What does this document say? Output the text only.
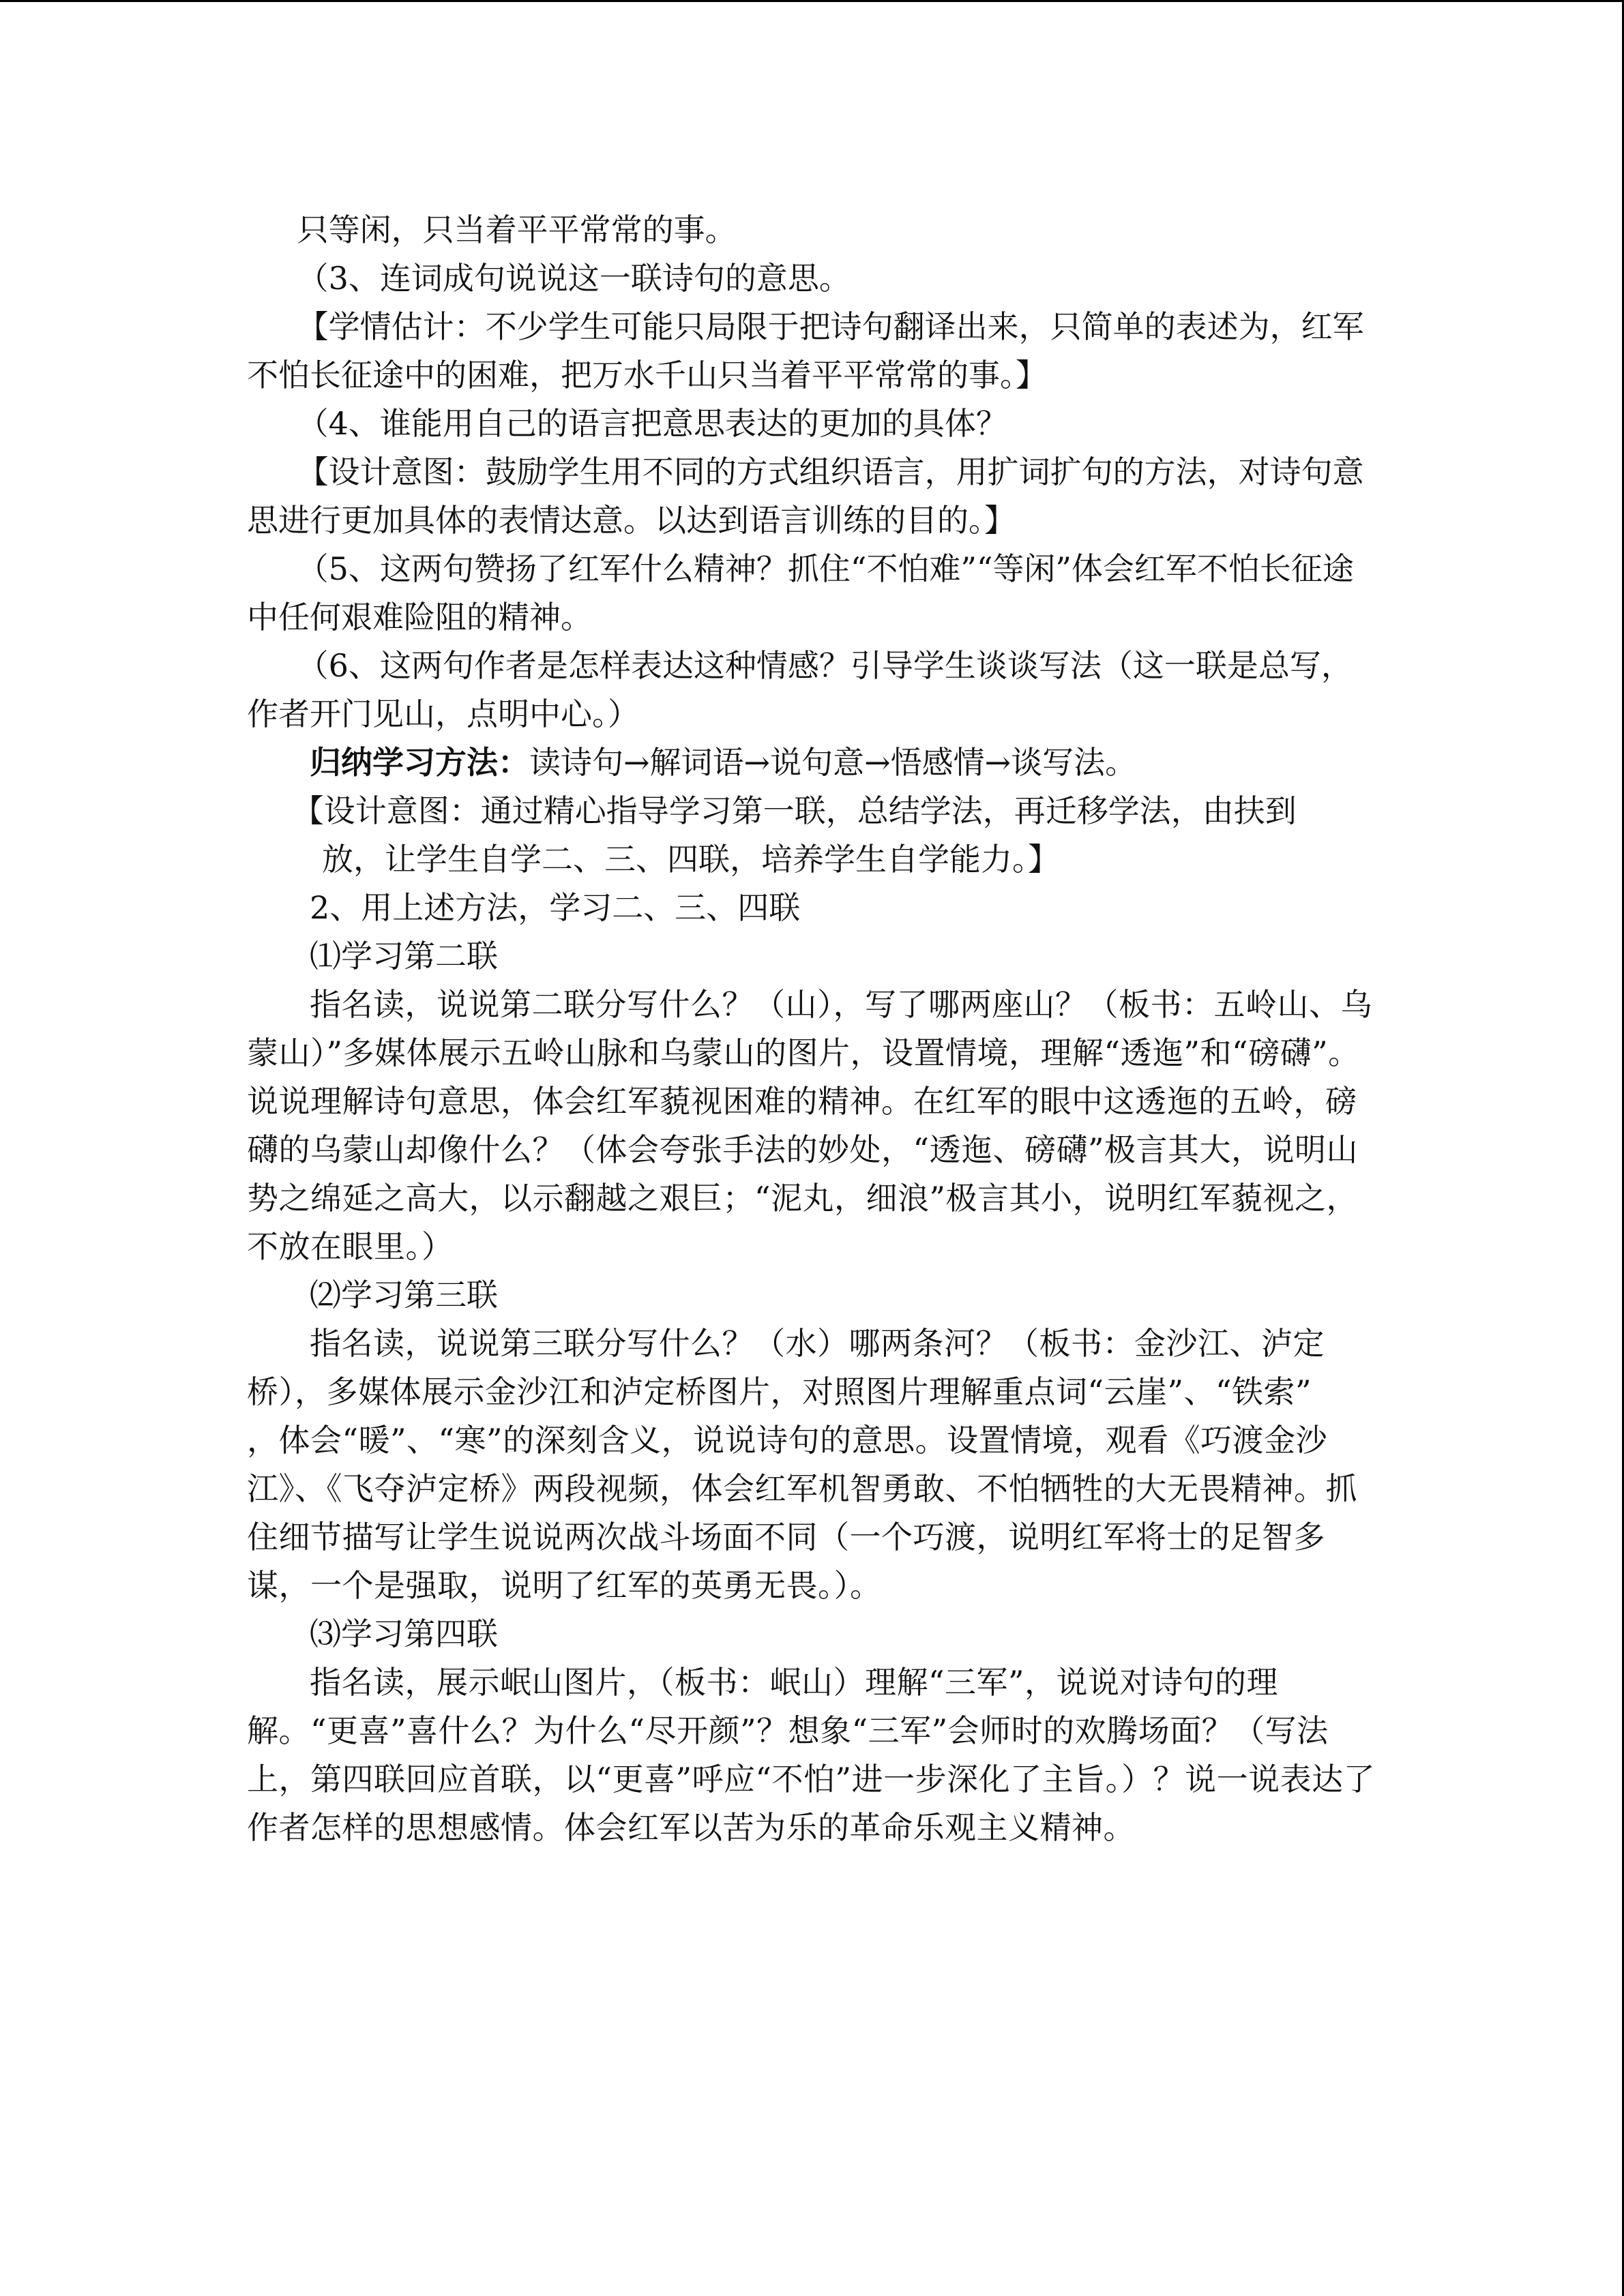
只等闲，只当着平平常常的事。

（3、连词成句说说这一联诗句的意思。

【学情估计：不少学生可能只局限于把诗句翻译出来，只简单的表述为，红军不怕长征途中的困难，把万水千山只当着平平常常的事。】

（4、谁能用自己的语言把意思表达的更加的具体？

【设计意图：鼓励学生用不同的方式组织语言，用扩词扩句的方法，对诗句意思进行更加具体的表情达意。以达到语言训练的目的。】

（5、这两句赞扬了红军什么精神？抓住“不怕难”“等闲”体会红军不怕长征途中任何艰难险阻的精神。

（6、这两句作者是怎样表达这种情感？引导学生谈谈写法（这一联是总写，作者开门见山，点明中心。）

归纳学习方法：读诗句→解词语→说句意→悟感情→谈写法。

【设计意图：通过精心指导学习第一联，总结学法，再迁移学法，由扶到
放，让学生自学二、三、四联，培养学生自学能力。】

2、用上述方法，学习二、三、四联

⑴学习第二联

指名读，说说第二联分写什么？（山），写了哪两座山？（板书：五岭山、乌蒙山）”多媒体展示五岭山脉和乌蒙山的图片，设置情境，理解“透迤”和“磅礴”。 说说理解诗句意思，体会红军藐视困难的精神。在红军的眼中这透迤的五岭，磅礴的乌蒙山却像什么？（体会夸张手法的妙处，“透迤、磅礴”极言其大，说明山势之绵延之高大，以示翻越之艰巨；“泥丸，细浪”极言其小，说明红军藐视之，不放在眼里。）

⑵学习第三联

指名读，说说第三联分写什么？（水）哪两条河？（板书：金沙江、泸定桥），多媒体展示金沙江和泸定桥图片，对照图片理解重点词“云崖”、“铁索”　　，体会“暖”、“寒”的深刻含义，说说诗句的意思。设置情境，观看《巧渡金沙江》、《飞夺泸定桥》两段视频，体会红军机智勇敢、不怕牺牲的大无畏精神。抓住细节描写让学生说说两次战斗场面不同（一个巧渡，说明红军将士的足智多谋，一个是强取，说明了红军的英勇无畏。）。

⑶学习第四联

指名读，展示岷山图片，（板书：岷山）理解“三军”，说说对诗句的理解。“更喜”喜什么？为什么“尽开颜”？想象“三军”会师时的欢腾场面？（写法上，第四联回应首联，以“更喜”呼应“不怕”进一步深化了主旨。）？说一说表达了作者怎样的思想感情。体会红军以苦为乐的革命乐观主义精神。
